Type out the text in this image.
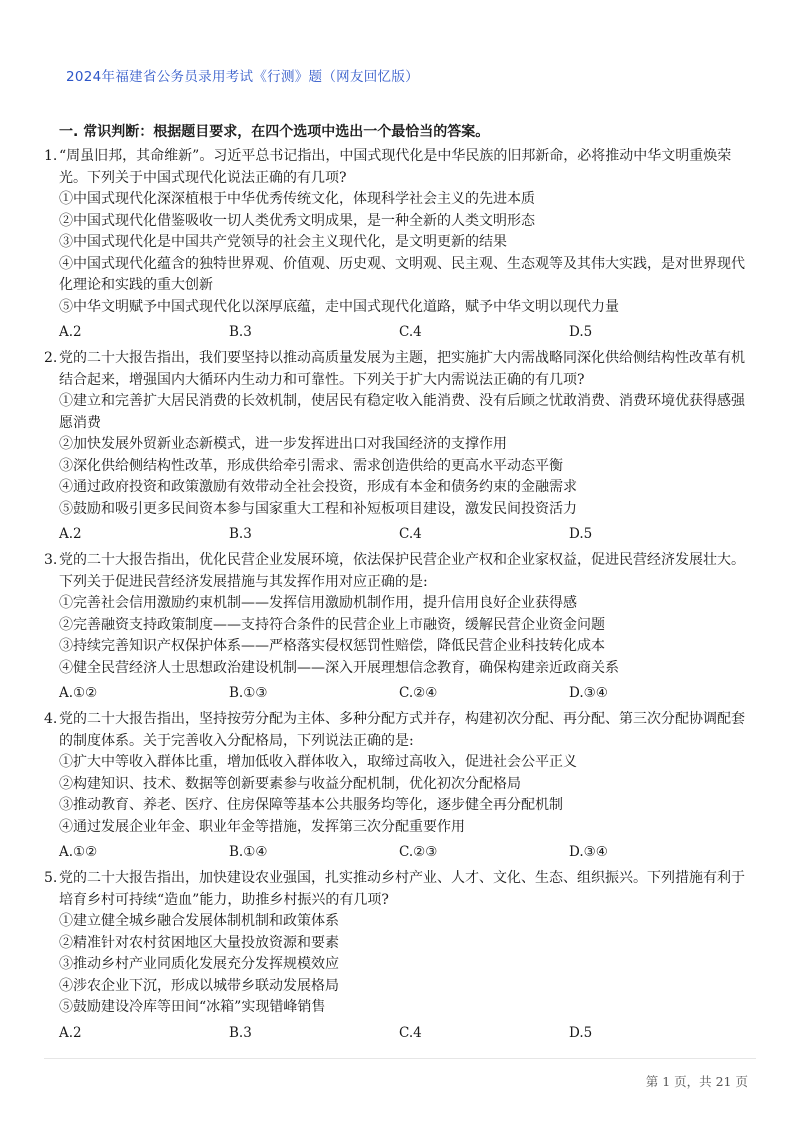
2024年福建省公务员录用考试《行测》题（网友回忆版）
一. 常识判断：根据题目要求，在四个选项中选出一个最恰当的答案。
1. “周虽旧邦，其命维新”。习近平总书记指出，中国式现代化是中华民族的旧邦新命，必将推动中华文明重焕荣光。下列关于中国式现代化说法正确的有几项?
①中国式现代化深深植根于中华优秀传统文化，体现科学社会主义的先进本质
②中国式现代化借鉴吸收一切人类优秀文明成果，是一种全新的人类文明形态
③中国式现代化是中国共产党领导的社会主义现代化，是文明更新的结果
④中国式现代化蕴含的独特世界观、价值观、历史观、文明观、民主观、生态观等及其伟大实践，是对世界现代化理论和实践的重大创新
⑤中华文明赋予中国式现代化以深厚底蕴，走中国式现代化道路，赋予中华文明以现代力量
A.2	B.3	C.4	D.5
2. 党的二十大报告指出，我们要坚持以推动高质量发展为主题，把实施扩大内需战略同深化供给侧结构性改革有机结合起来，增强国内大循环内生动力和可靠性。下列关于扩大内需说法正确的有几项?
①建立和完善扩大居民消费的长效机制，使居民有稳定收入能消费、没有后顾之忧敢消费、消费环境优获得感强愿消费
②加快发展外贸新业态新模式，进一步发挥进出口对我国经济的支撑作用
③深化供给侧结构性改革，形成供给牵引需求、需求创造供给的更高水平动态平衡
④通过政府投资和政策激励有效带动全社会投资，形成有本金和债务约束的金融需求
⑤鼓励和吸引更多民间资本参与国家重大工程和补短板项目建设，激发民间投资活力
A.2	B.3	C.4	D.5
3. 党的二十大报告指出，优化民营企业发展环境，依法保护民营企业产权和企业家权益，促进民营经济发展壮大。下列关于促进民营经济发展措施与其发挥作用对应正确的是:
①完善社会信用激励约束机制——发挥信用激励机制作用，提升信用良好企业获得感
②完善融资支持政策制度——支持符合条件的民营企业上市融资，缓解民营企业资金问题
③持续完善知识产权保护体系——严格落实侵权惩罚性赔偿，降低民营企业科技转化成本
④健全民营经济人士思想政治建设机制——深入开展理想信念教育，确保构建亲近政商关系
A.①②	B.①③	C.②④	D.③④
4. 党的二十大报告指出，坚持按劳分配为主体、多种分配方式并存，构建初次分配、再分配、第三次分配协调配套的制度体系。关于完善收入分配格局，下列说法正确的是:
①扩大中等收入群体比重，增加低收入群体收入，取缔过高收入，促进社会公平正义
②构建知识、技术、数据等创新要素参与收益分配机制，优化初次分配格局
③推动教育、养老、医疗、住房保障等基本公共服务均等化，逐步健全再分配机制
④通过发展企业年金、职业年金等措施，发挥第三次分配重要作用
A.①②	B.①④	C.②③	D.③④
5. 党的二十大报告指出，加快建设农业强国，扎实推动乡村产业、人才、文化、生态、组织振兴。下列措施有利于培育乡村可持续“造血”能力，助推乡村振兴的有几项?
①建立健全城乡融合发展体制机制和政策体系
②精准针对农村贫困地区大量投放资源和要素
③推动乡村产业同质化发展充分发挥规模效应
④涉农企业下沉，形成以城带乡联动发展格局
⑤鼓励建设冷库等田间“冰箱”实现错峰销售
A.2	B.3	C.4	D.5
第 1 页，共 21 页
